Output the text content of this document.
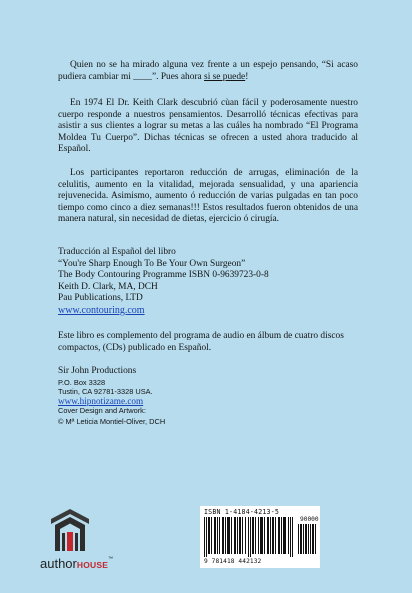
Quien no se ha mirado alguna vez frente a un espejo pensando, “Si acaso pudiera cambiar mi ____”. Pues ahora si se puede!
En 1974 El Dr. Keith Clark descubrió cùan fácil y poderosamente nuestro cuerpo responde a nuestros pensamientos. Desarrolló técnicas efectivas para asistir a sus clientes a lograr su metas a las cuáles ha nombrado “El Programa Moldea Tu Cuerpo”. Dichas técnicas se ofrecen a usted ahora traducido al Español.
Los participantes reportaron reducción de arrugas, eliminación de la celulitis, aumento en la vitalidad, mejorada sensualidad, y una apariencia rejuvenecida. Asimismo, aumento ó reducción de varias pulgadas en tan poco tiempo como cinco a diez semanas!!! Estos resultados fueron obtenidos de una manera natural, sin necesidad de dietas, ejercicio ó cirugía.
Traducción al Español del libro
“You're Sharp Enough To Be Your Own Surgeon”
The Body Contouring Programme ISBN 0-9639723-0-8
Keith D. Clark, MA, DCH
Pau Publications, LTD
www.contouring.com
Este libro es complemento del programa de audio en álbum de cuatro discos compactos, (CDs) publicado en Español.
Sir John Productions
P.O. Box 3328
Tustin, CA 92781-3328 USA.
www.hipnotizame.com
Cover Design and Artwork:
© Mª Leticia Montiel-Oliver, DCH
authorHOUSE™
ISBN 1-4184-4213-5
90000
9 781418 442132
